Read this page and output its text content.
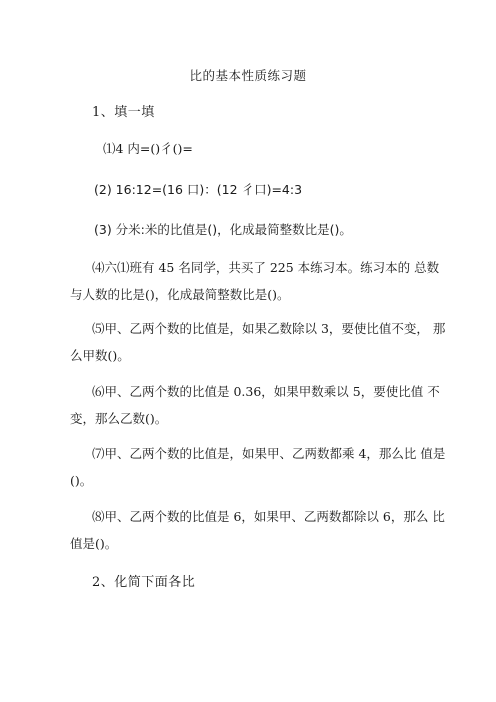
比的基本性质练习题
1、填一填
⑴4 内=()彳()=
(2) 16:12=(16 口)：(12 彳口)=4:3
(3) 分米:米的比值是()，化成最简整数比是()。
⑷六⑴班有 45 名同学，共买了 225 本练习本。练习本的 总数
与人数的比是()，化成最简整数比是()。
⑸甲、乙两个数的比值是，如果乙数除以 3，要使比值不变， 那
么甲数()。
⑹甲、乙两个数的比值是 0.36，如果甲数乘以 5，要使比值 不
变，那么乙数()。
⑺甲、乙两个数的比值是，如果甲、乙两数都乘 4，那么比 值是
()。
⑻甲、乙两个数的比值是 6，如果甲、乙两数都除以 6，那么 比
值是()。
2、化简下面各比
